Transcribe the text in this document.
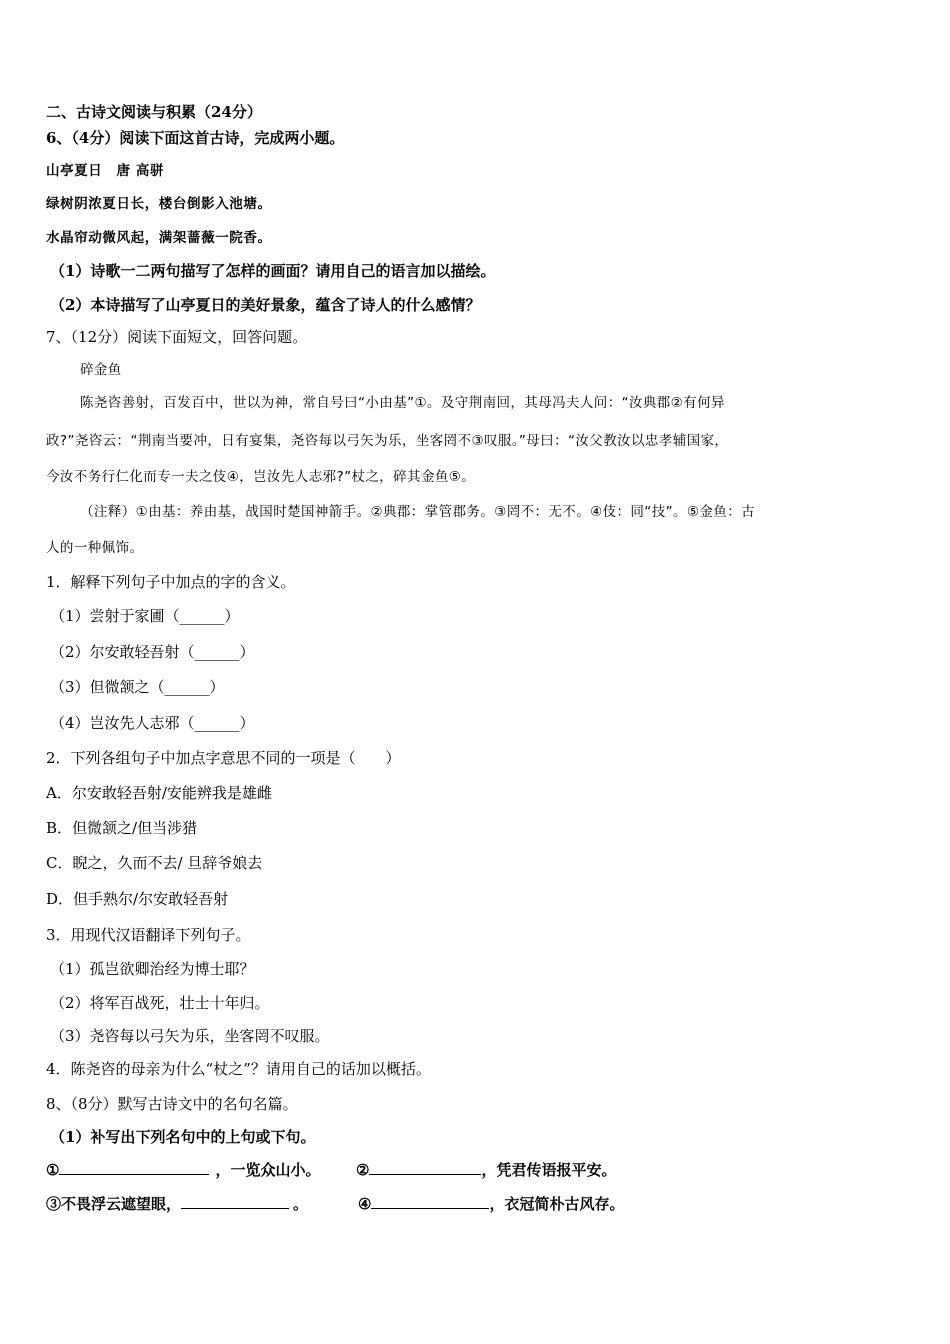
二、古诗文阅读与积累（24分）
6、（4分）阅读下面这首古诗，完成两小题。
山亭夏日　唐 高骈
绿树阴浓夏日长，楼台倒影入池塘。
水晶帘动微风起，满架蔷薇一院香。
（1）诗歌一二两句描写了怎样的画面？请用自己的语言加以描绘。
（2）本诗描写了山亭夏日的美好景象，蕴含了诗人的什么感情？
7、（12分）阅读下面短文，回答问题。
碎金鱼
陈尧咨善射，百发百中，世以为神，常自号曰“小由基”①。及守荆南回，其母冯夫人问：“汝典郡②有何异
政?”尧咨云：“荆南当要冲，日有宴集，尧咨每以弓矢为乐，坐客罔不③叹服。”母曰：“汝父教汝以忠孝辅国家，
今汝不务行仁化而专一夫之伎④，岂汝先人志邪?”杖之，碎其金鱼⑤。
（注释）①由基：养由基，战国时楚国神箭手。②典郡：掌管郡务。③罔不：无不。④伎：同“技”。⑤金鱼：古
人的一种佩饰。
1．解释下列句子中加点的字的含义。
（1）尝射于家圃（______）
（2）尔安敢轻吾射（______）
（3）但微颔之（______）
（4）岂汝先人志邪（______）
2．下列各组句子中加点字意思不同的一项是（　　）
A．尔安敢轻吾射/安能辨我是雄雌
B．但微颔之/但当涉猎
C．睨之，久而不去/ 旦辞爷娘去
D．但手熟尔/尔安敢轻吾射
3．用现代汉语翻译下列句子。
（1）孤岂欲卿治经为博士耶？
（2）将军百战死，壮士十年归。
（3）尧咨每以弓矢为乐，坐客罔不叹服。
4．陈尧咨的母亲为什么“杖之”？请用自己的话加以概括。
8、（8分）默写古诗文中的名句名篇。
（1）补写出下列名句中的上句或下句。
①	，一览众山小。 ②	，凭君传语报平安。
③不畏浮云遮望眼，	。	④	，衣冠简朴古风存。
